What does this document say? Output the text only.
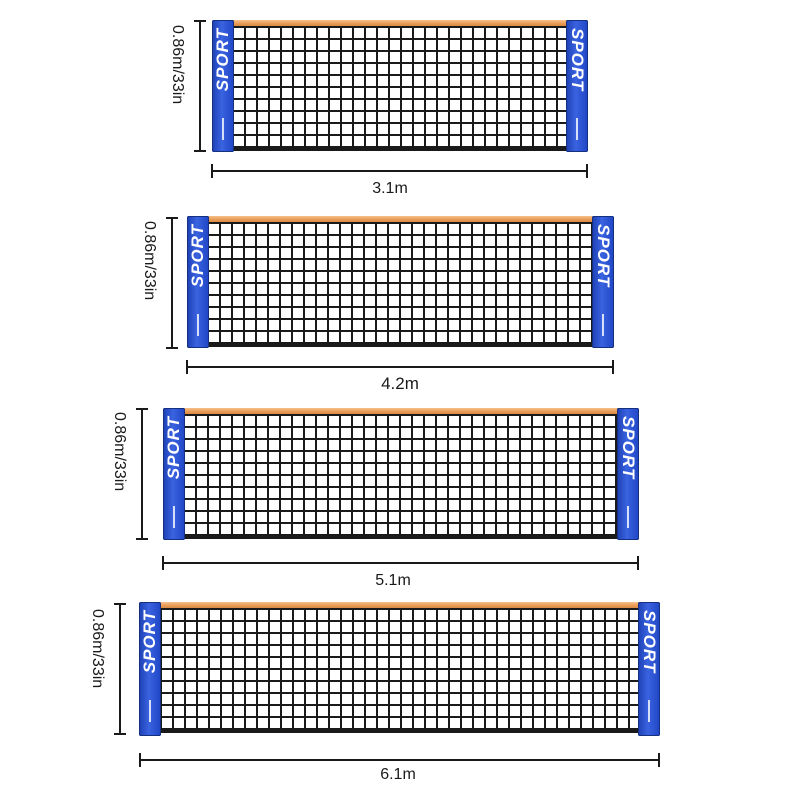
0.86m/33in SPORT	SPORT
3.1m
0.86m/33in SPORT	SPORT
4.2m
0.86m/33in SPORT	SPORT
5.1m
0.86m/33in SPORT	SPORT
6.1m
